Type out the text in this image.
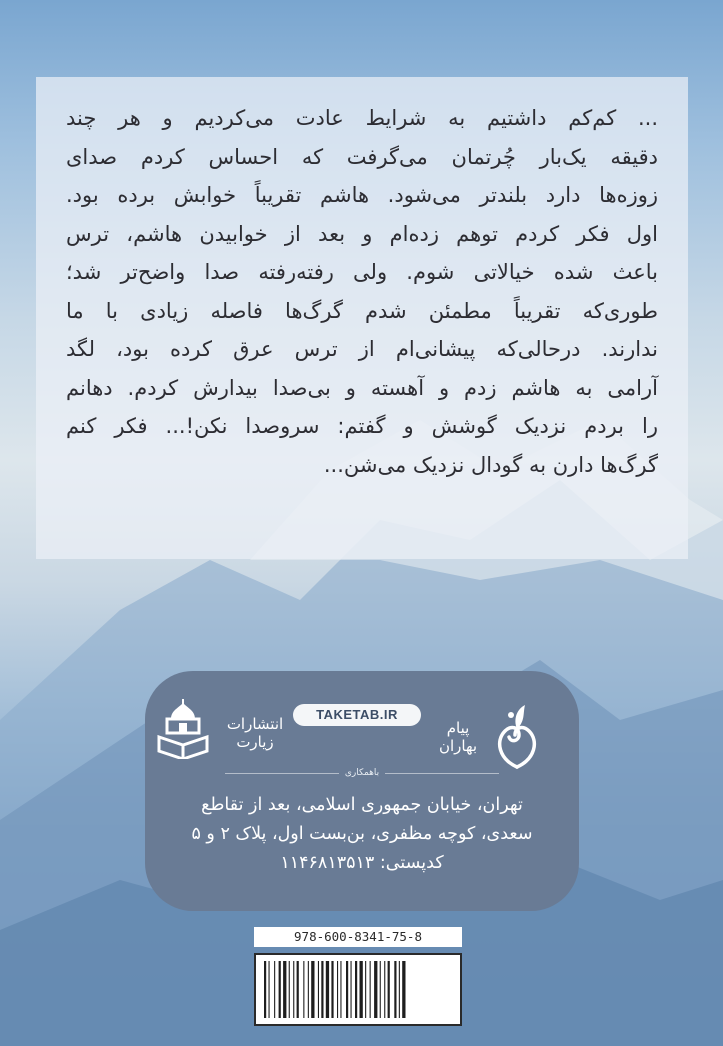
... کم‌کم داشتیم به شرایط عادت می‌کردیم و هر چند

دقیقه یک‌بار چُرتمان می‌گرفت که احساس کردم صدای

زوزه‌ها دارد بلندتر می‌شود. هاشم تقریباً خوابش برده بود.

اول فکر کردم توهم زده‌ام و بعد از خوابیدن هاشم، ترس

باعث شده خیالاتی شوم. ولی رفته‌رفته صدا واضح‌تر شد؛

طوری‌که تقریباً مطمئن شدم گرگ‌ها فاصله زیادی با ما

ندارند. درحالی‌که پیشانی‌ام از ترس عرق کرده بود، لگد

آرامی به هاشم زدم و آهسته و بی‌صدا بیدارش کردم. دهانم

را بردم نزدیک گوشش و گفتم: سروصدا نکن!... فکر کنم

گرگ‌ها دارن به گودال نزدیک می‌شن...

TAKETAB.IR
انتشارات
زیارت
پیام
بهاران
باهمکاری
تهران، خیابان جمهوری اسلامی، بعد از تقاطع
سعدی، کوچه مظفری، بن‌بست اول، پلاک ۲ و ۵
کدپستی: ۱۱۴۶۸۱۳۵۱۳
978-600-8341-75-8
